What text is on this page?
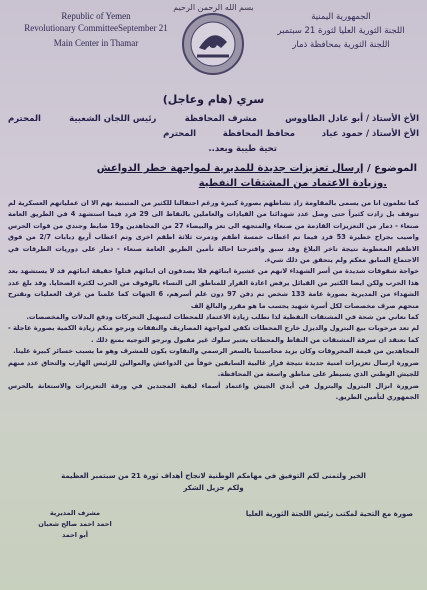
بسم الله الرحمن الرحيم
Republic of Yemen
Revolutionary CommitteeSeptember 21
Main Center in Thamar
الجمهورية اليمنية
اللجنة الثورية العليا لثورة 21 سبتمبر
اللجنة الثورية بمحافظة ذمار
سري (هام وعاجل)
الأخ الأستاذ / أبو عادل الطاووس
مشرف المحافظة
رئيس اللجان الشعبية
المحترم
الأخ الأستاذ / حمود عباد         محافظ المحافظة         المحترم
تحية طيبة وبعد..
الموضوع / إرسال تعزيزات جديدة للمديرية لمواجهة خطر الدواعش
.وزيادة الاعتماد من المشتقات النفطية

كما تعلمون انا من يسمى بالمقاومة زاد نشاطهم بصورة كبيرة ورغم احتفالنا للكثير من المتبنية بهم الا ان عملياتهم العسكرية لم تتوقف بل زادت كثيراً حتى وصل عدد شهدائنا من القيادات والعاملين بالنقاط الى 29 فرد فيما استشهد 4 في الطريق العامة صنعاء - ذمار من التعزيزات القادمة من صنعاء والمتجهه الى تعز والبيضاء 27 من المجاهدين و19 ضابط وجندي من قوات الحرس واصيب بجراح خطيرة 53 فرد فيما تم اعطاب خمسة اطقم ودمرت ثلاثة اطقم اخرى وتم اعطاب أربع دبابات 2/7 من فوق الاطقم المعطوبة نتيجة تاخر البلاغ وقد سبق واقترحنا احالة تأمين الطريق العامة صنعاء - ذمار على دوريات الطرقات في الاجتماع السابق معكم ولم يتحقق من ذلك شيء.

خواجة شقوقات شديدة من أسر الشهداء لانهم من عشيرة ابنائهم فلا يصدقون ان ابنائهم قتلوا حقيقة ابنائهم قد لا يستشهد بعد هذا الحرب ولكن ايضا الكثير من القبائل يرفض اعادة القرار للمناطق الى النساء بالوقوف من الحرب لكثرة الضحايا. وقد بلغ عدد الشهداء من المديرية بصورة عامة 133 شخص تم دفن 97 دون علم أسرهم، 6 الجهات كما علمنا من غرف العمليات ونقترح منحهم صرف مخصصات لكل أسرة شهيد يحسب ما هو مقرر والبالغ الف

كما نعاني من شحة في المشتقات النفطية لذا نطلب زيادة الاعتماد للمحطات لتسهيل التحركات ودفع البدلات والمخصصات.

لم تعد مرحوبات بيع البترول والديزل خارج المحطات تكفي لمواجهة المصاريف والنفقات ونرجو منكم زيادة الكمية بصورة عاجلة - كما نعتقد ان سرقة المشتقات من النقاط والمحطات يعتبر سلوك غير مقبول ونرجو التوجيه بمنع ذلك .

المجاهدين من قيمة المحروقات وكان يزيد محاسبتنا بالسعر الرسمي والتفاوت يكون للمشرف وهو ما يسبب خسائر كبيرة علينا.

ضرورة ارسال تعزيزات امنية جديدة نتيجة فرار غالبية السابقين خوفاً من الدواعش والموالين للرئيس الهارب والتحاق عدد منهم للجيش الوطني الذي يسيطر على مناطق واسعة من المحافظة.

ضرورة انزال البترول والبترول في أيدي الجيش واعتماد أسماء لبقية المجندين في ورقة التعزيزات والاستعانة بالحرس الجمهوري لتأمين الطريق.

الخير ولتمنى لكم التوفيق في مهامكم الوطنية لانجاح أهداف ثورة 21 من سبتمبر العظيمة
ولكم جزيل الشكر
مشرف المديرية
احمد احمد صالح شعبان
أبو احمد
صورة مع التحية لمكتب رئيس اللجنة الثورية العليا
